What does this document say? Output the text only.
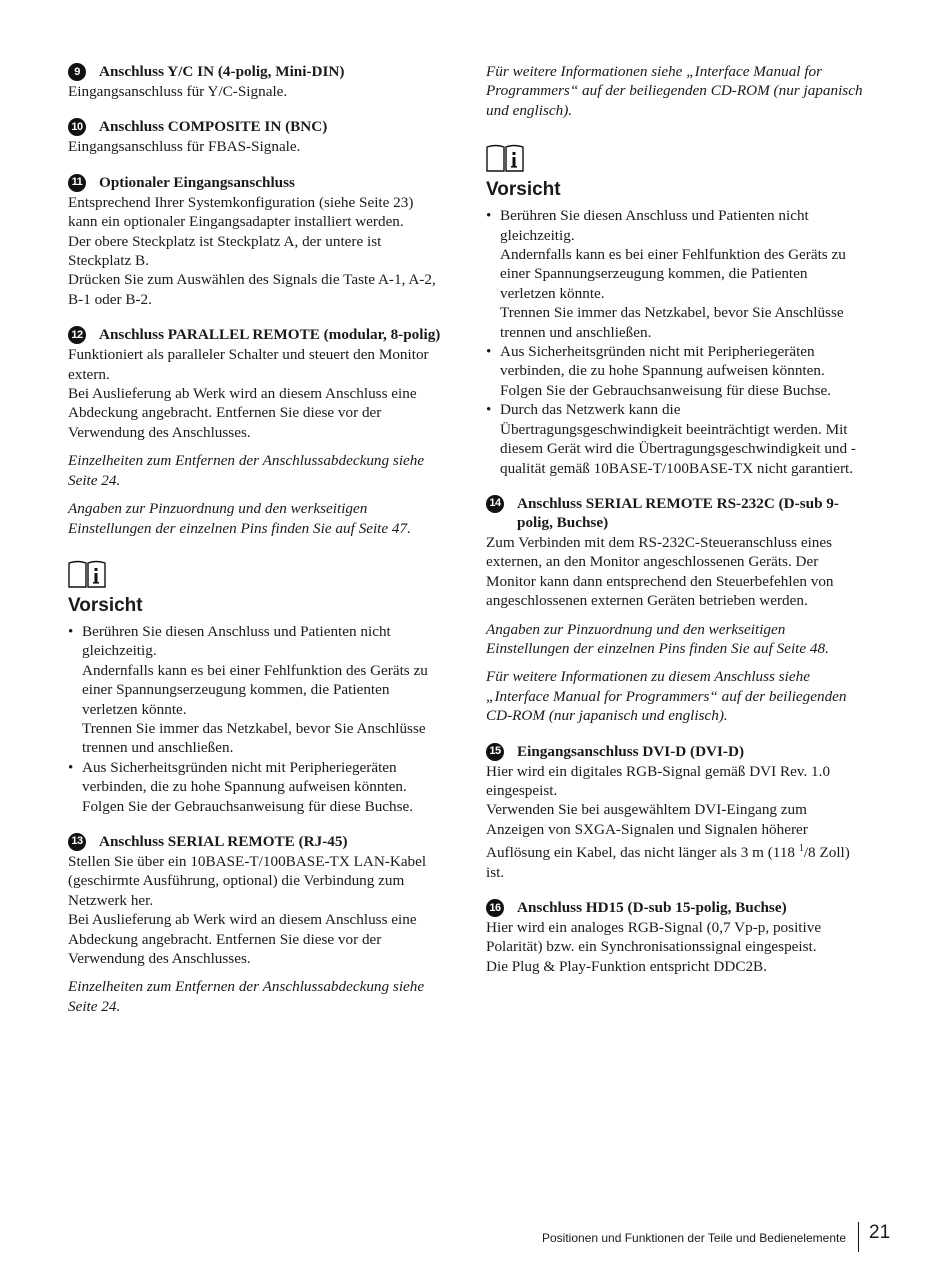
9	Anschluss Y/C IN (4-polig, Mini-DIN)

Eingangsanschluss für Y/C-Signale.

10 Anschluss COMPOSITE IN (BNC)

Eingangsanschluss für FBAS-Signale.

11 Optionaler Eingangsanschluss

Entsprechend Ihrer Systemkonfiguration (siehe Seite 23) kann ein optionaler Eingangsadapter installiert werden.

Der obere Steckplatz ist Steckplatz A, der untere ist Steckplatz B.

Drücken Sie zum Auswählen des Signals die Taste A-1, A-2, B-1 oder B-2.

12 Anschluss PARALLEL REMOTE (modular, 8-polig)

Funktioniert als paralleler Schalter und steuert den Monitor extern.

Bei Auslieferung ab Werk wird an diesem Anschluss eine Abdeckung angebracht. Entfernen Sie diese vor der Verwendung des Anschlusses.

Einzelheiten zum Entfernen der Anschlussabdeckung siehe Seite 24.

Angaben zur Pinzuordnung und den werkseitigen Einstellungen der einzelnen Pins finden Sie auf Seite 47.

Vorsicht
• Berühren Sie diesen Anschluss und Patienten nicht gleichzeitig.
Andernfalls kann es bei einer Fehlfunktion des Geräts zu einer Spannungserzeugung kommen, die Patienten verletzen könnte.
Trennen Sie immer das Netzkabel, bevor Sie Anschlüsse trennen und anschließen.
• Aus Sicherheitsgründen nicht mit Peripheriegeräten verbinden, die zu hohe Spannung aufweisen könnten. Folgen Sie der Gebrauchsanweisung für diese Buchse.
13 Anschluss SERIAL REMOTE (RJ-45)

Stellen Sie über ein 10BASE-T/100BASE-TX LAN-Kabel (geschirmte Ausführung, optional) die Verbindung zum Netzwerk her.

Bei Auslieferung ab Werk wird an diesem Anschluss eine Abdeckung angebracht. Entfernen Sie diese vor der Verwendung des Anschlusses.

Einzelheiten zum Entfernen der Anschlussabdeckung siehe Seite 24.

Für weitere Informationen siehe „Interface Manual for Programmers“ auf der beiliegenden CD-ROM (nur japanisch und englisch).

Vorsicht
• Berühren Sie diesen Anschluss und Patienten nicht gleichzeitig.
Andernfalls kann es bei einer Fehlfunktion des Geräts zu einer Spannungserzeugung kommen, die Patienten verletzen könnte.
Trennen Sie immer das Netzkabel, bevor Sie Anschlüsse trennen und anschließen.
• Aus Sicherheitsgründen nicht mit Peripheriegeräten verbinden, die zu hohe Spannung aufweisen könnten. Folgen Sie der Gebrauchsanweisung für diese Buchse.
• Durch das Netzwerk kann die Übertragungsgeschwindigkeit beeinträchtigt werden. Mit diesem Gerät wird die Übertragungsgeschwindigkeit und -qualität gemäß 10BASE-T/100BASE-TX nicht garantiert.
14 Anschluss SERIAL REMOTE RS-232C (D-sub 9-polig, Buchse)

Zum Verbinden mit dem RS-232C-Steueranschluss eines externen, an den Monitor angeschlossenen Geräts. Der Monitor kann dann entsprechend den Steuerbefehlen von angeschlossenen externen Geräten betrieben werden.

Angaben zur Pinzuordnung und den werkseitigen Einstellungen der einzelnen Pins finden Sie auf Seite 48.

Für weitere Informationen zu diesem Anschluss siehe „Interface Manual for Programmers“ auf der beiliegenden CD-ROM (nur japanisch und englisch).

15 Eingangsanschluss DVI-D (DVI-D)

Hier wird ein digitales RGB-Signal gemäß DVI Rev. 1.0 eingespeist.

Verwenden Sie bei ausgewähltem DVI-Eingang zum Anzeigen von SXGA-Signalen und Signalen höherer Auflösung ein Kabel, das nicht länger als 3 m (118 $^1$/8 Zoll) ist.

16 Anschluss HD15 (D-sub 15-polig, Buchse)

Hier wird ein analoges RGB-Signal (0,7 Vp-p, positive Polarität) bzw. ein Synchronisationssignal eingespeist.

Die Plug & Play-Funktion entspricht DDC2B.

Positionen und Funktionen der Teile und Bedienelemente 21
